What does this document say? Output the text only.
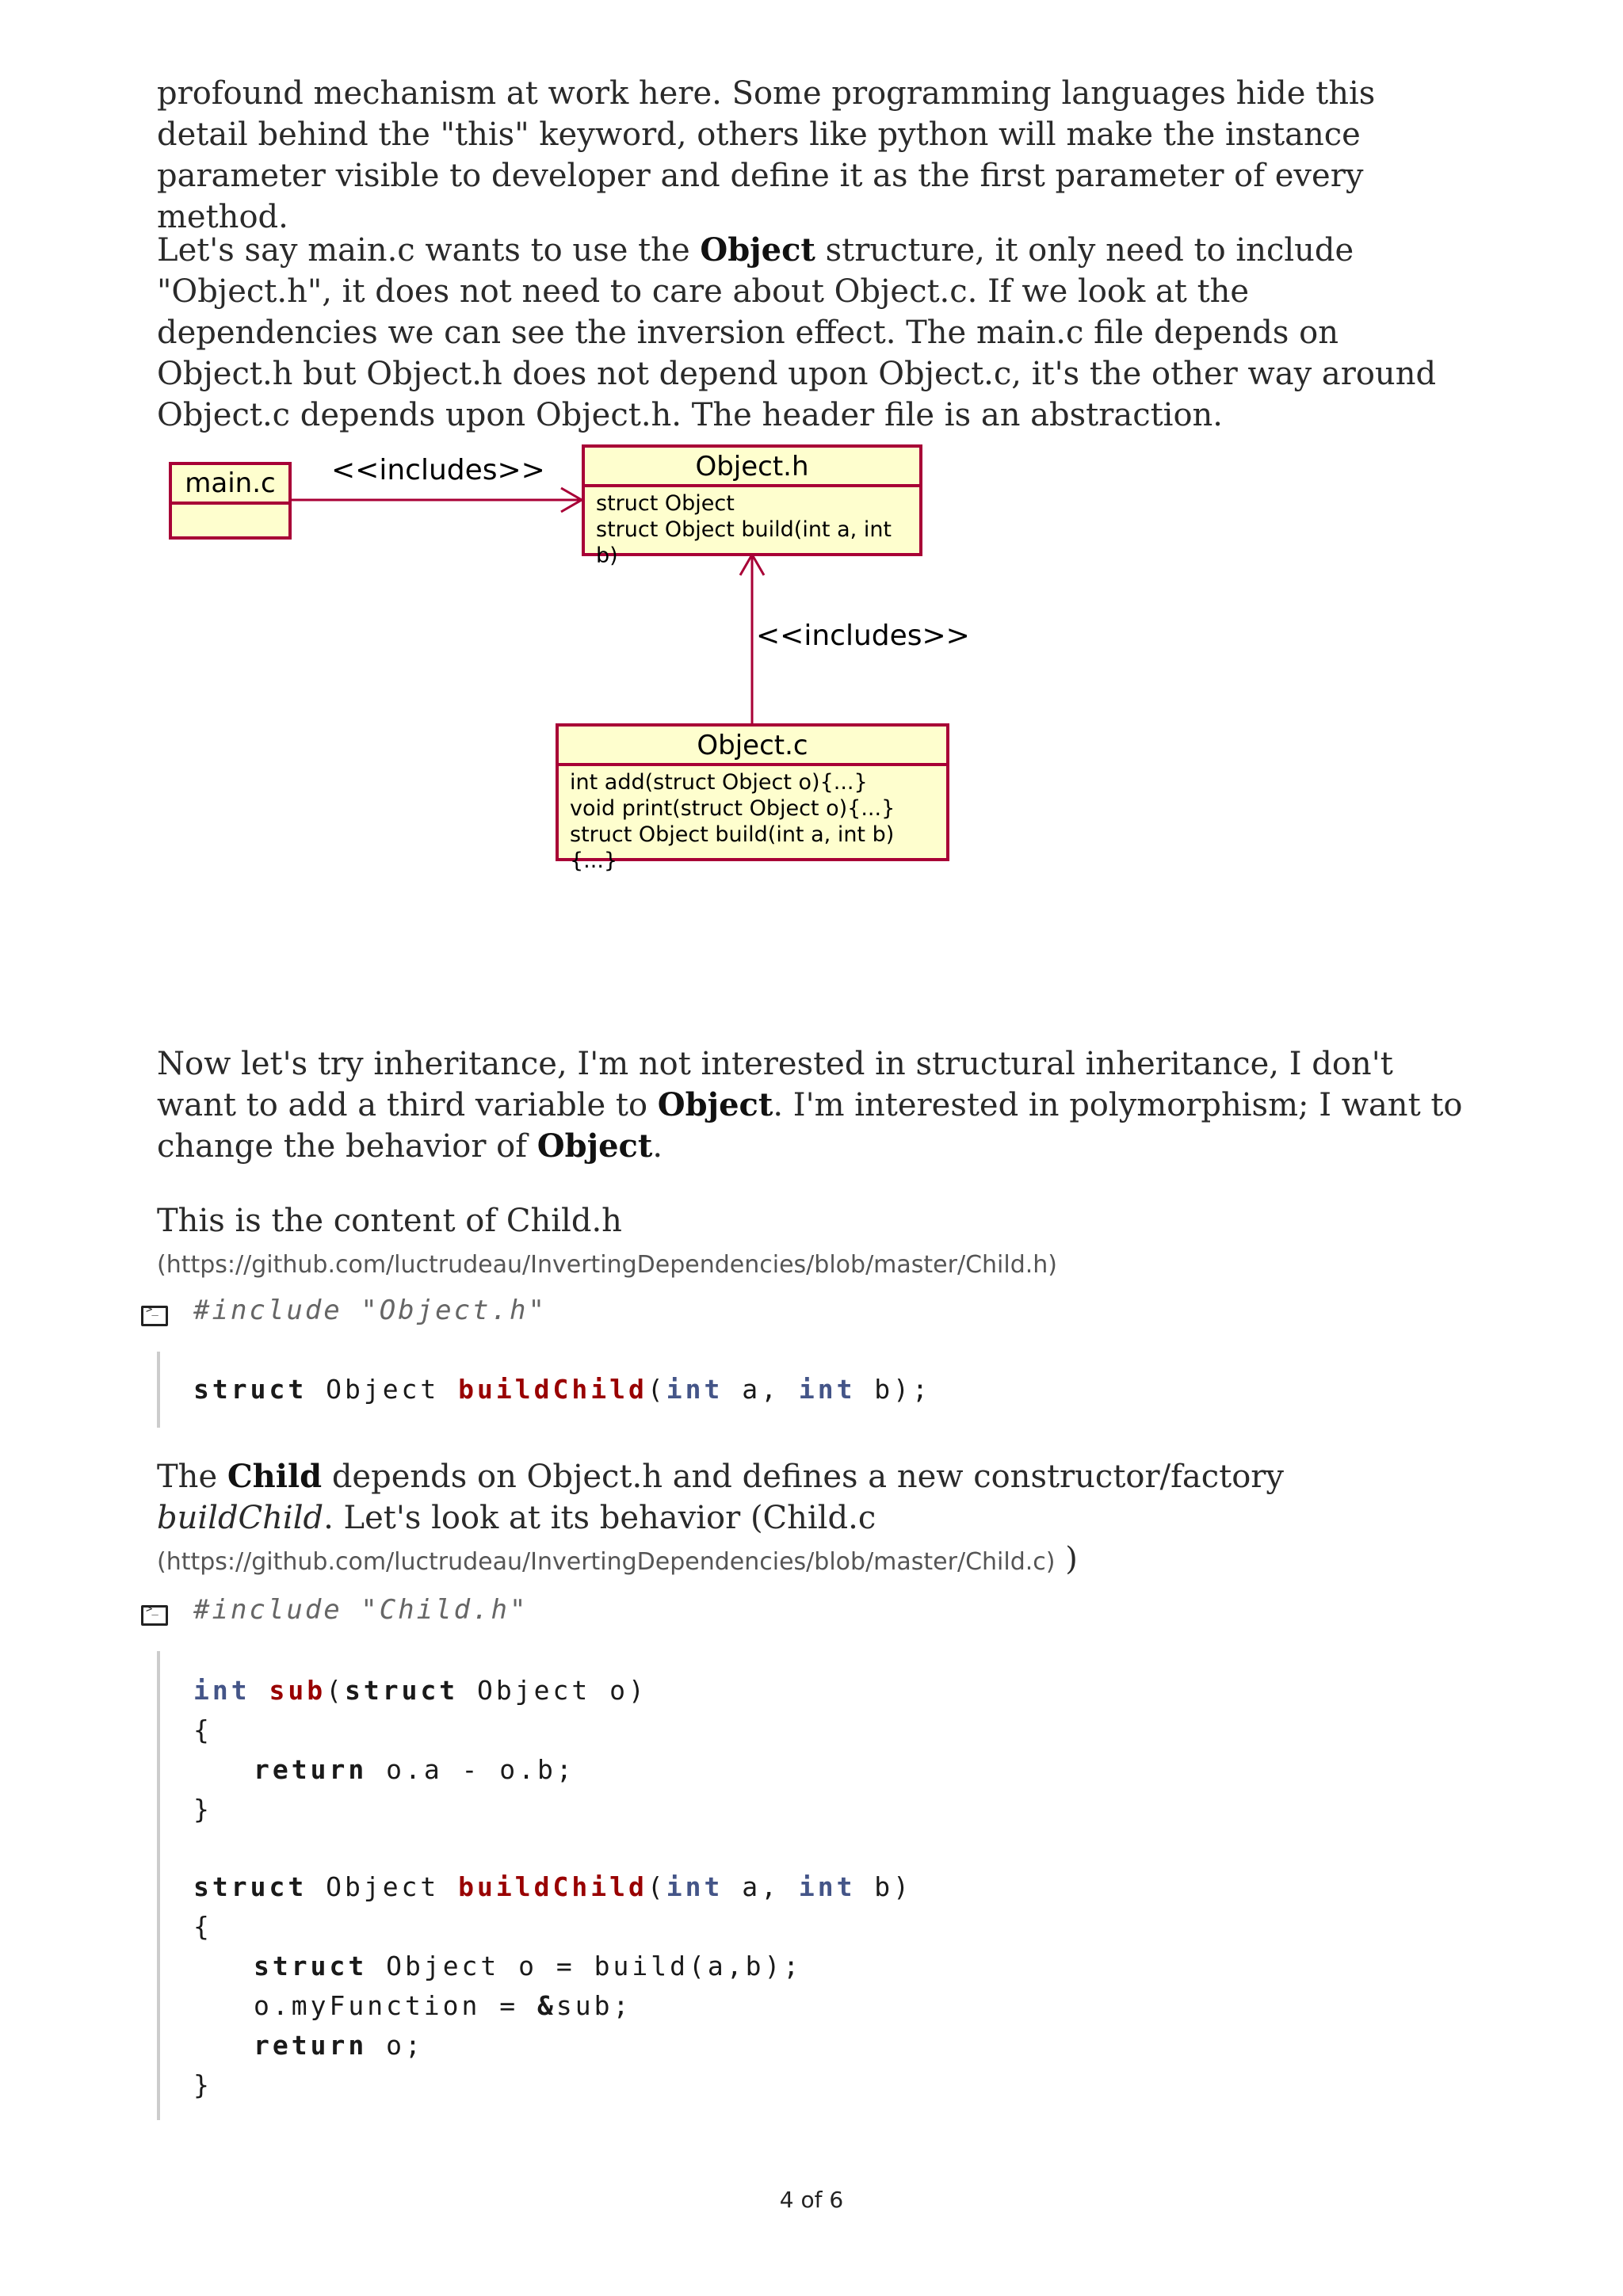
profound mechanism at work here. Some programming languages hide this detail behind the "this" keyword, others like python will make the instance parameter visible to developer and define it as the first parameter of every method.
Let's say main.c wants to use the Object structure, it only need to include "Object.h", it does not need to care about Object.c. If we look at the dependencies we can see the inversion effect. The main.c file depends on Object.h but Object.h does not depend upon Object.c, it's the other way around Object.c depends upon Object.h. The header file is an abstraction.
main.c	<<includes>>	Object.h
struct Object
struct Object build(int a, int b)
<<includes>>
Object.c
int add(struct Object o){...}
void print(struct Object o){...}
struct Object build(int a, int b) {...}
Now let's try inheritance, I'm not interested in structural inheritance, I don't want to add a third variable to Object. I'm interested in polymorphism; I want to change the behavior of Object.
This is the content of Child.h (https://github.com/luctrudeau/InvertingDependencies/blob/master/Child.h)
>_ #include "Object.h"
struct Object buildChild(int a, int b);
The Child depends on Object.h and defines a new constructor/factory buildChild. Let's look at its behavior (Child.c (https://github.com/luctrudeau/InvertingDependencies/blob/master/Child.c) )
>_ #include "Child.h"
int sub(struct Object o)
{
return o.a - o.b;
}
struct Object buildChild(int a, int b)
{
struct Object o = build(a,b);
o.myFunction = &sub;
return o;
}
4 of 6
